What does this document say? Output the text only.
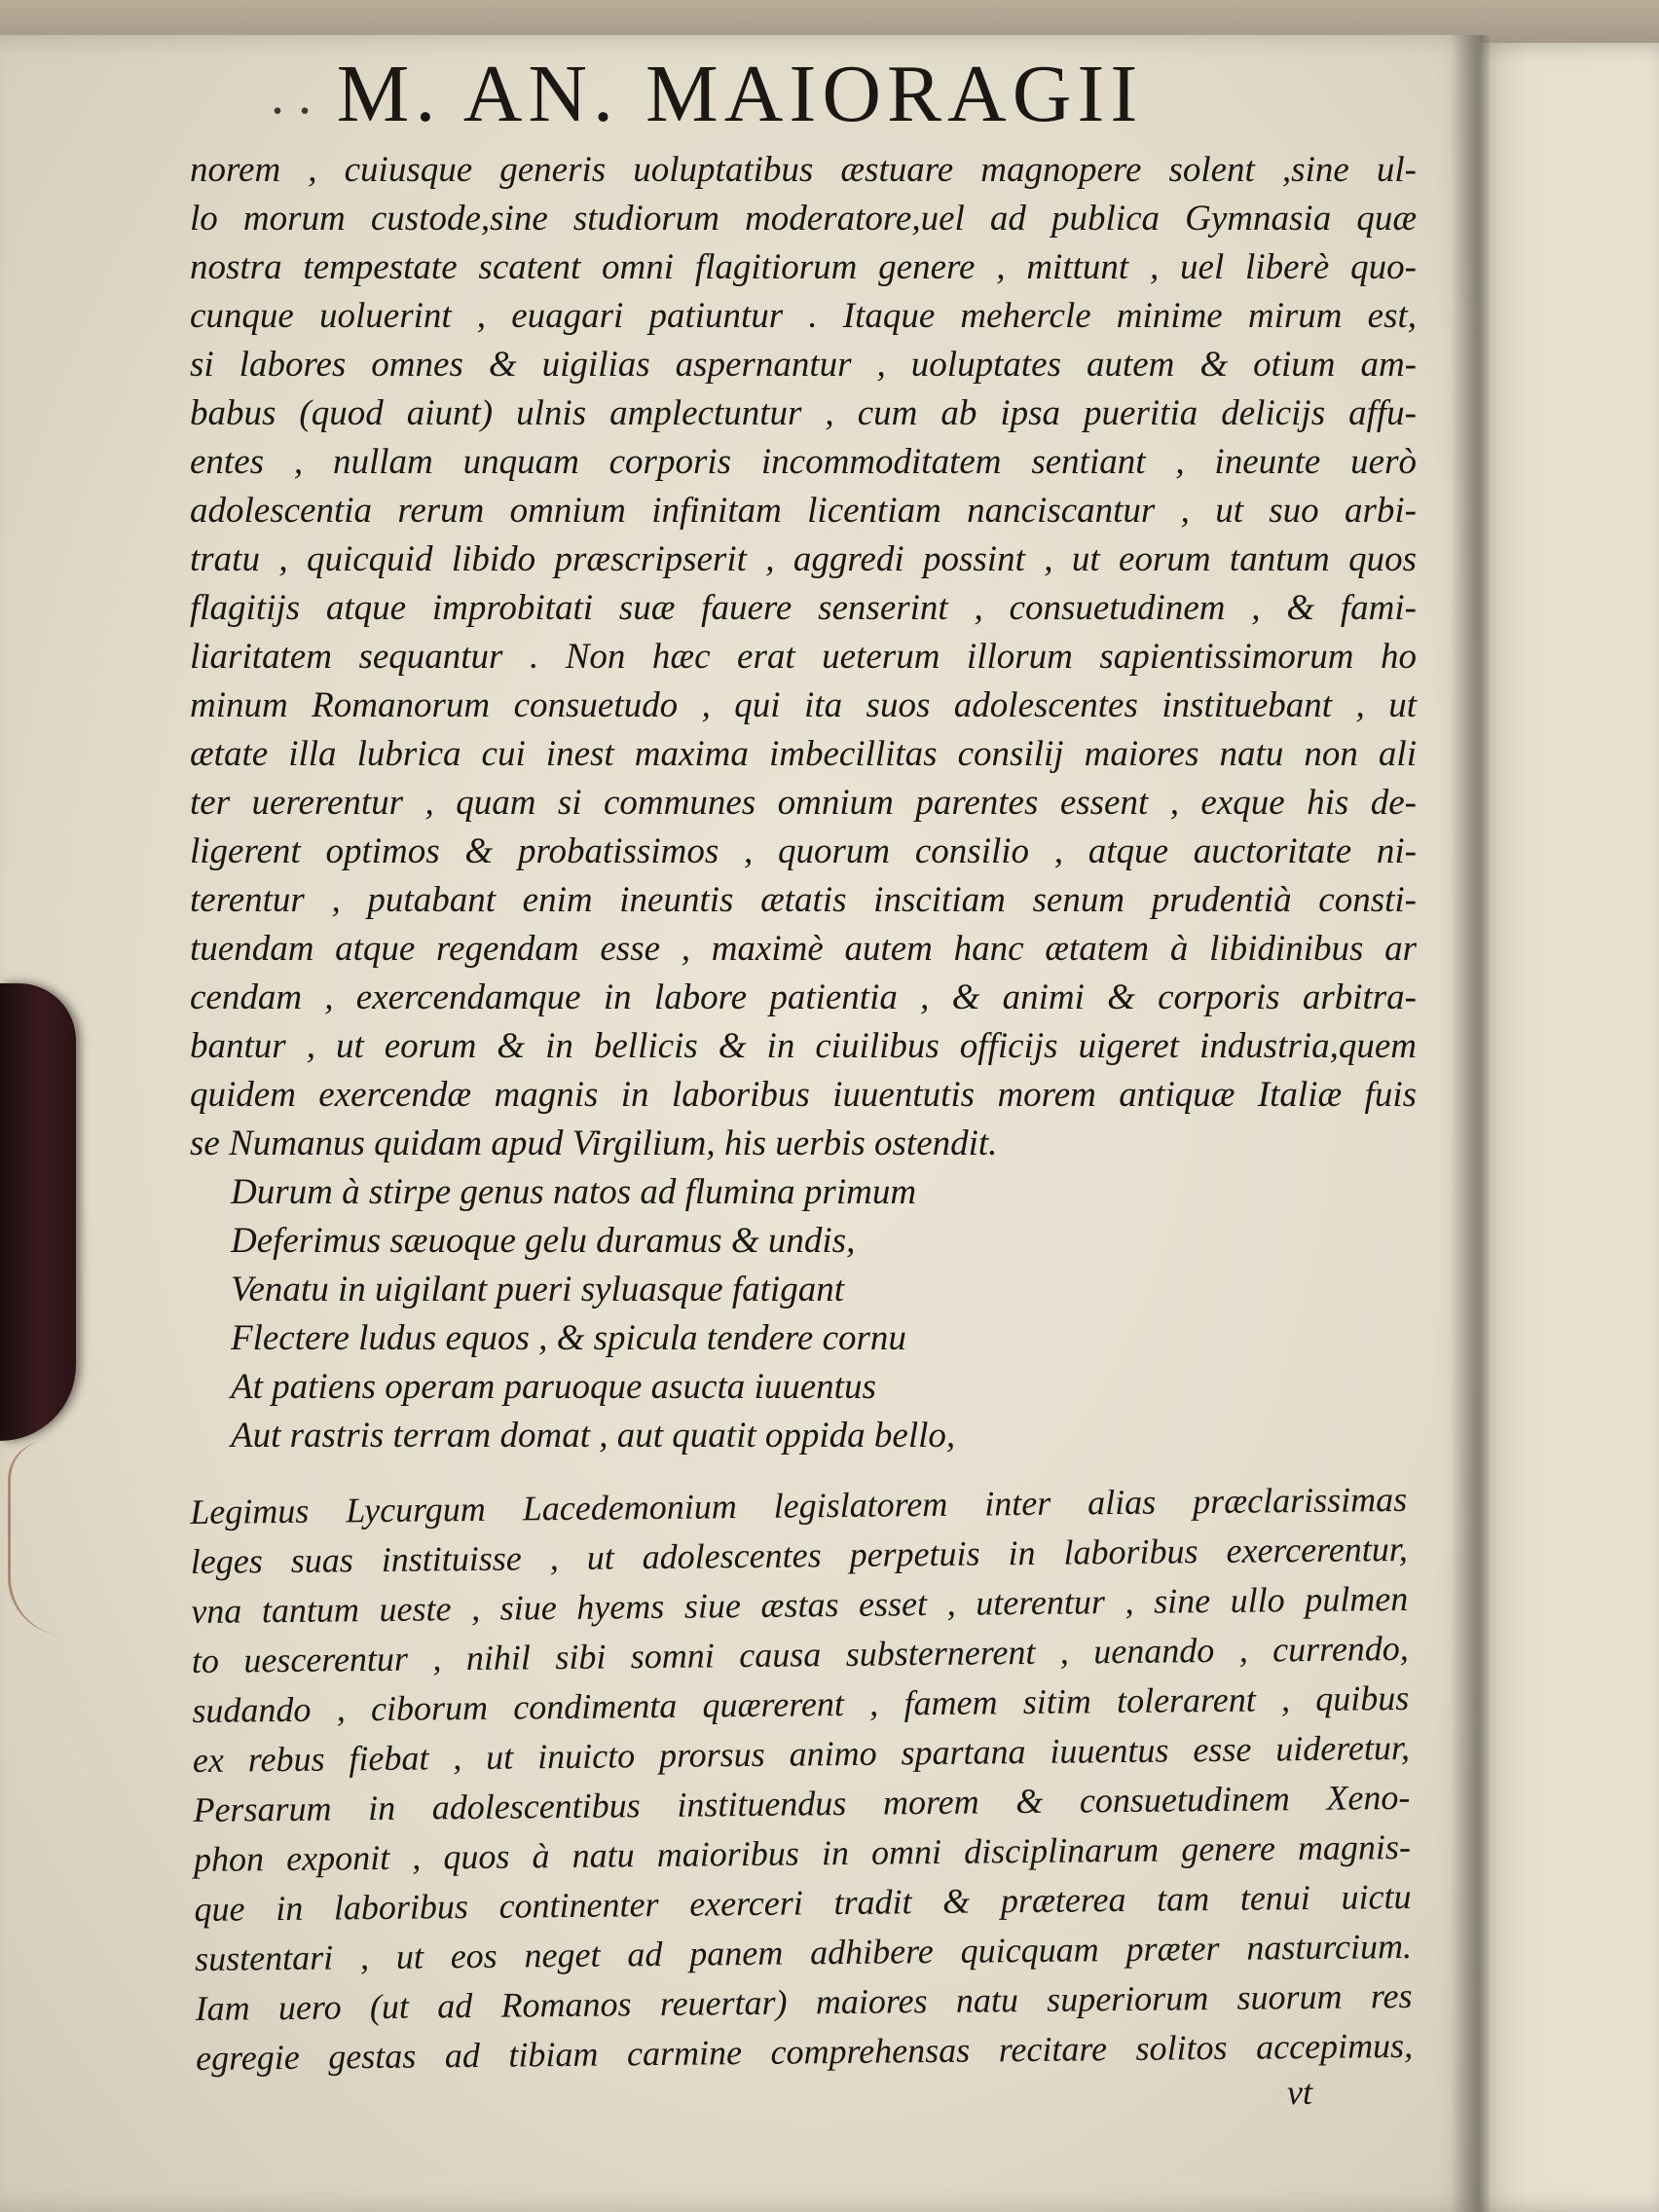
. . M. AN. MAIORAGII
norem , cuiusque generis uoluptatibus æstuare magnopere solent ,sine ul-
lo morum custode,sine studiorum moderatore,uel ad publica Gymnasia quæ
nostra tempestate scatent omni flagitiorum genere , mittunt , uel liberè quo-
cunque uoluerint , euagari patiuntur . Itaque mehercle minime mirum est,
si labores omnes & uigilias aspernantur , uoluptates autem & otium am-
babus (quod aiunt) ulnis amplectuntur , cum ab ipsa pueritia delicijs affu-
entes , nullam unquam corporis incommoditatem sentiant , ineunte uerò
adolescentia rerum omnium infinitam licentiam nanciscantur , ut suo arbi-
tratu , quicquid libido præscripserit , aggredi possint , ut eorum tantum quos
flagitijs atque improbitati suæ fauere senserint , consuetudinem , & fami-
liaritatem sequantur . Non hæc erat ueterum illorum sapientissimorum ho
minum Romanorum consuetudo , qui ita suos adolescentes instituebant , ut
ætate illa lubrica cui inest maxima imbecillitas consilij maiores natu non ali
ter uererentur , quam si communes omnium parentes essent , exque his de-
ligerent optimos & probatissimos , quorum consilio , atque auctoritate ni-
terentur , putabant enim ineuntis ætatis inscitiam senum prudentià consti-
tuendam atque regendam esse , maximè autem hanc ætatem à libidinibus ar
cendam , exercendamque in labore patientia , & animi & corporis arbitra-
bantur , ut eorum & in bellicis & in ciuilibus officijs uigeret industria,quem
quidem exercendæ magnis in laboribus iuuentutis morem antiquæ Italiæ fuis
se Numanus quidam apud Virgilium, his uerbis ostendit.
Durum à stirpe genus natos ad flumina primum
Deferimus sæuoque gelu duramus & undis,
Venatu in uigilant pueri syluasque fatigant
Flectere ludus equos , & spicula tendere cornu
At patiens operam paruoque asuctа iuuentus
Aut rastris terram domat , aut quatit oppida bello,
Legimus Lycurgum Lacedemonium legislatorem inter alias præclarissimas
leges suas instituisse , ut adolescentes perpetuis in laboribus exercerentur,
vna tantum ueste , siue hyems siue æstas esset , uterentur , sine ullo pulmen
to uescerentur , nihil sibi somni causa substernerent , uenando , currendo,
sudando , ciborum condimenta quærerent , famem sitim tolerarent , quibus
ex rebus fiebat , ut inuicto prorsus animo spartana iuuentus esse uideretur,
Persarum in adolescentibus instituendus morem & consuetudinem Xeno-
phon exponit , quos à natu maioribus in omni disciplinarum genere magnis-
que in laboribus continenter exerceri tradit & præterea tam tenui uictu
sustentari , ut eos neget ad panem adhibere quicquam præter nasturcium.
Iam uero (ut ad Romanos reuertar) maiores natu superiorum suorum res
egregie gestas ad tibiam carmine comprehensas recitare solitos accepimus,
vt
